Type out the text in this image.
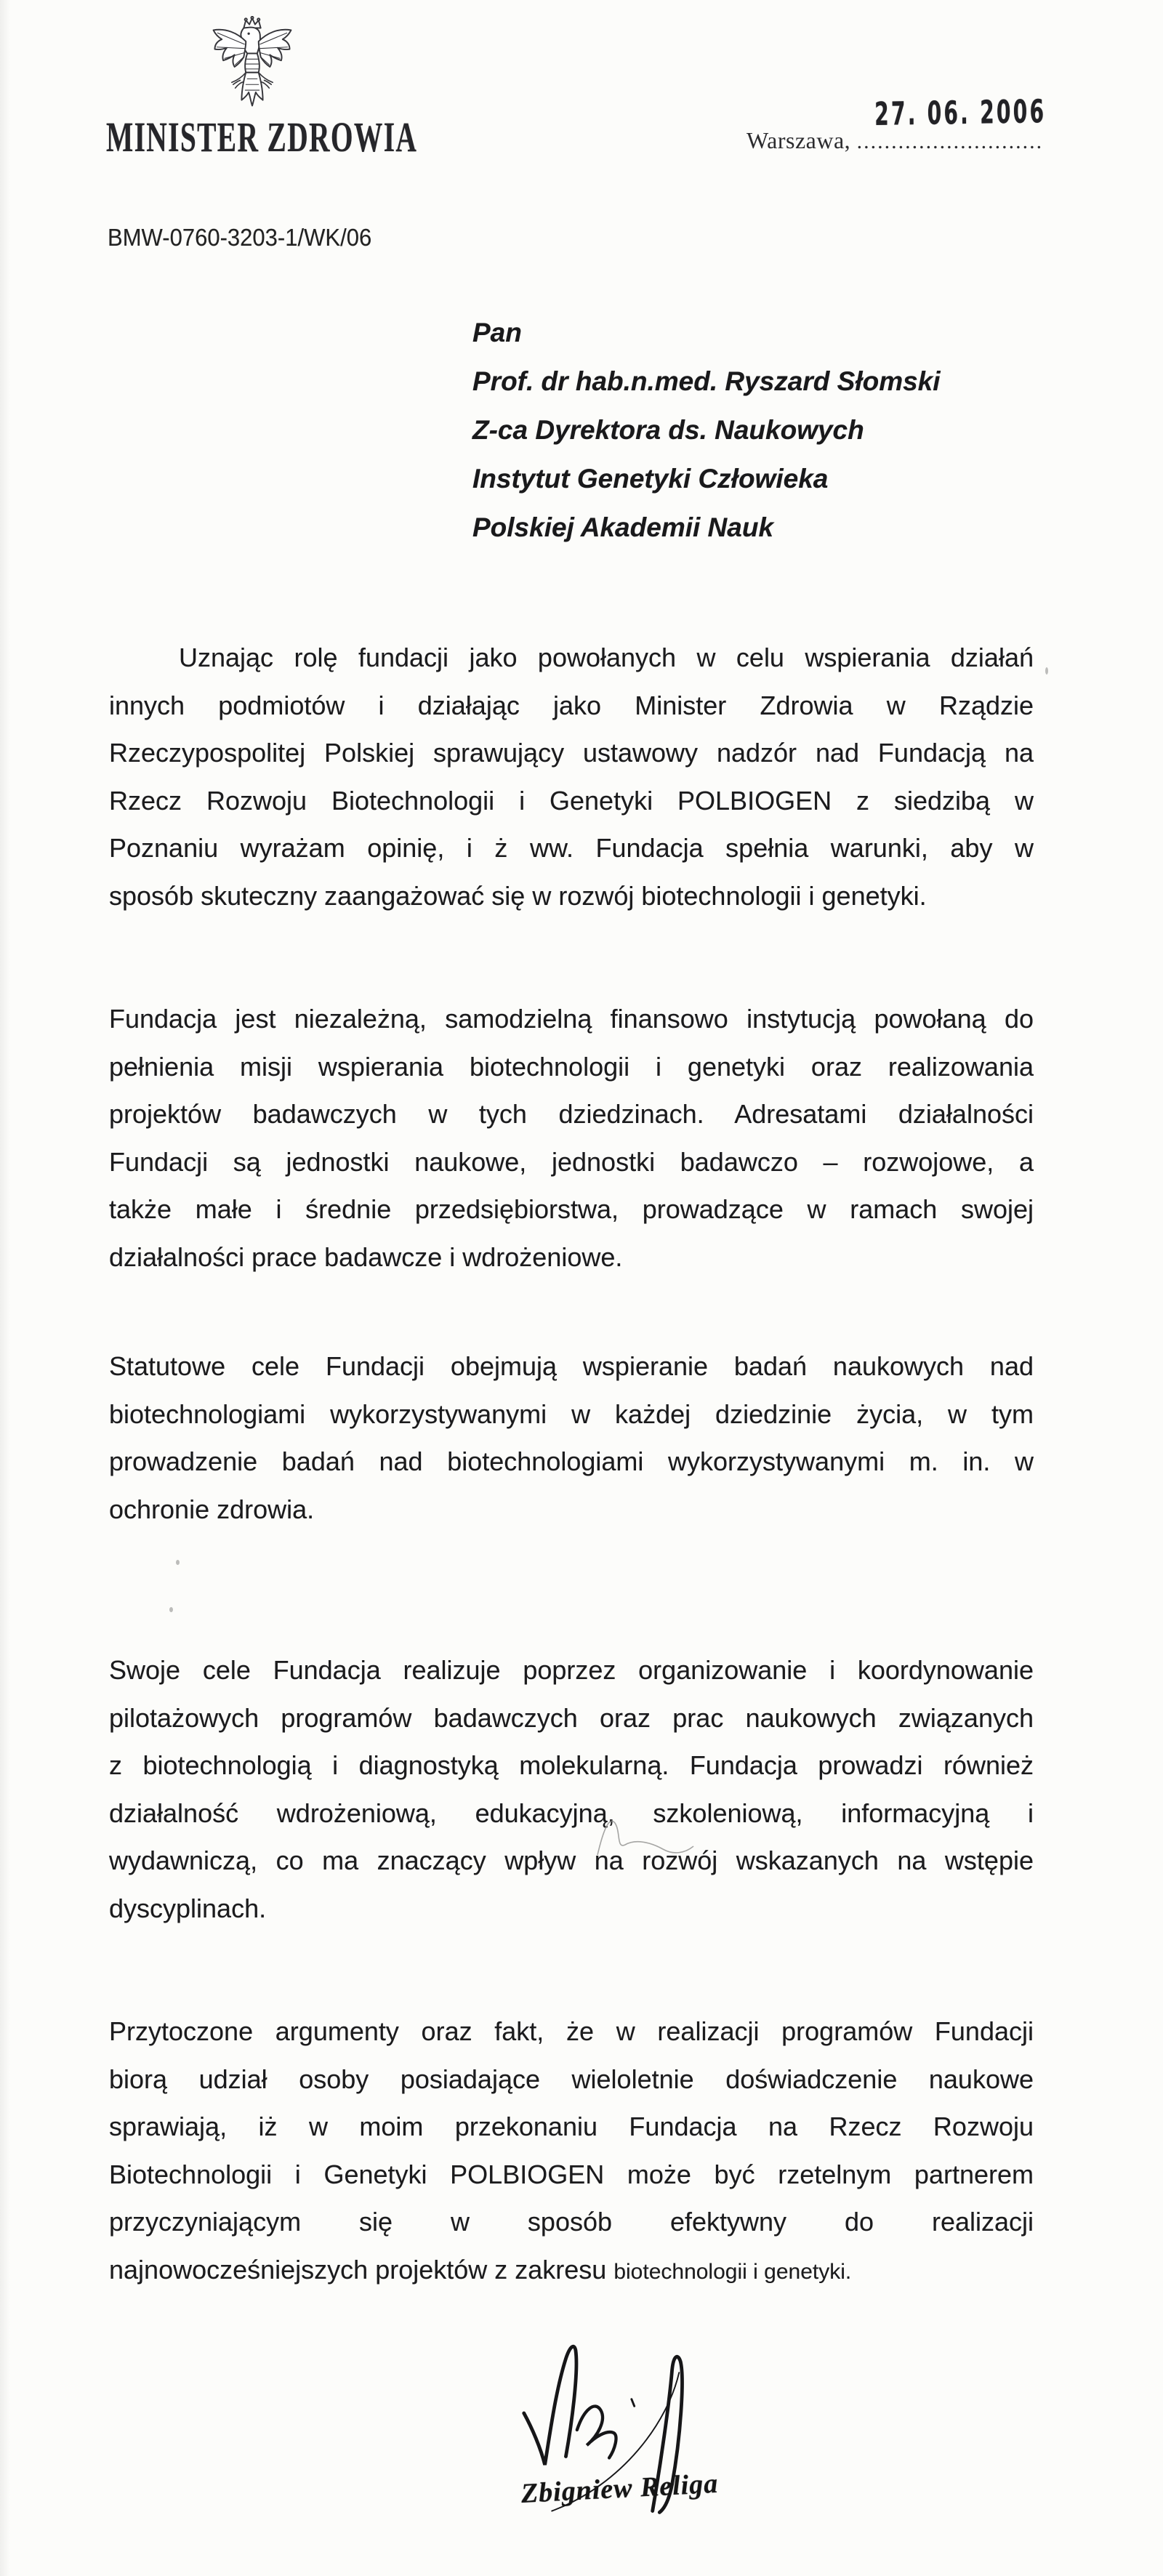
MINISTER ZDROWIA
27. 06. 2006
Warszawa, ...........................
BMW-0760-3203-1/WK/06
Pan
Prof. dr hab.n.med. Ryszard Słomski
Z-ca Dyrektora ds. Naukowych
Instytut Genetyki Człowieka
Polskiej Akademii Nauk
Uznając rolę fundacji jako powołanych w celu wspierania działań
innych podmiotów i działając jako Minister Zdrowia w Rządzie
Rzeczypospolitej Polskiej sprawujący ustawowy nadzór nad Fundacją na
Rzecz Rozwoju Biotechnologii i Genetyki POLBIOGEN z siedzibą w
Poznaniu wyrażam opinię, i ż ww. Fundacja spełnia warunki, aby w
sposób skuteczny zaangażować się w rozwój biotechnologii i genetyki.
Fundacja jest niezależną, samodzielną finansowo instytucją powołaną do
pełnienia misji wspierania biotechnologii i genetyki oraz realizowania
projektów badawczych w tych dziedzinach. Adresatami działalności
Fundacji są jednostki naukowe, jednostki badawczo – rozwojowe, a
także małe i średnie przedsiębiorstwa, prowadzące w ramach swojej
działalności prace badawcze i wdrożeniowe.
Statutowe cele Fundacji obejmują wspieranie badań naukowych nad
biotechnologiami wykorzystywanymi w każdej dziedzinie życia, w tym
prowadzenie badań nad biotechnologiami wykorzystywanymi m. in. w
ochronie zdrowia.
Swoje cele Fundacja realizuje poprzez organizowanie i koordynowanie
pilotażowych programów badawczych oraz prac naukowych związanych
z biotechnologią i diagnostyką molekularną. Fundacja prowadzi również
działalność wdrożeniową, edukacyjną, szkoleniową, informacyjną i
wydawniczą, co ma znaczący wpływ na rozwój wskazanych na wstępie
dyscyplinach.
Przytoczone argumenty oraz fakt, że w realizacji programów Fundacji
biorą udział osoby posiadające wieloletnie doświadczenie naukowe
sprawiają, iż w moim przekonaniu Fundacja na Rzecz Rozwoju
Biotechnologii i Genetyki POLBIOGEN może być rzetelnym partnerem
przyczyniającym się w sposób efektywny do realizacji
najnowocześniejszych projektów z zakresu biotechnologii i genetyki.
Zbigniew Religa
